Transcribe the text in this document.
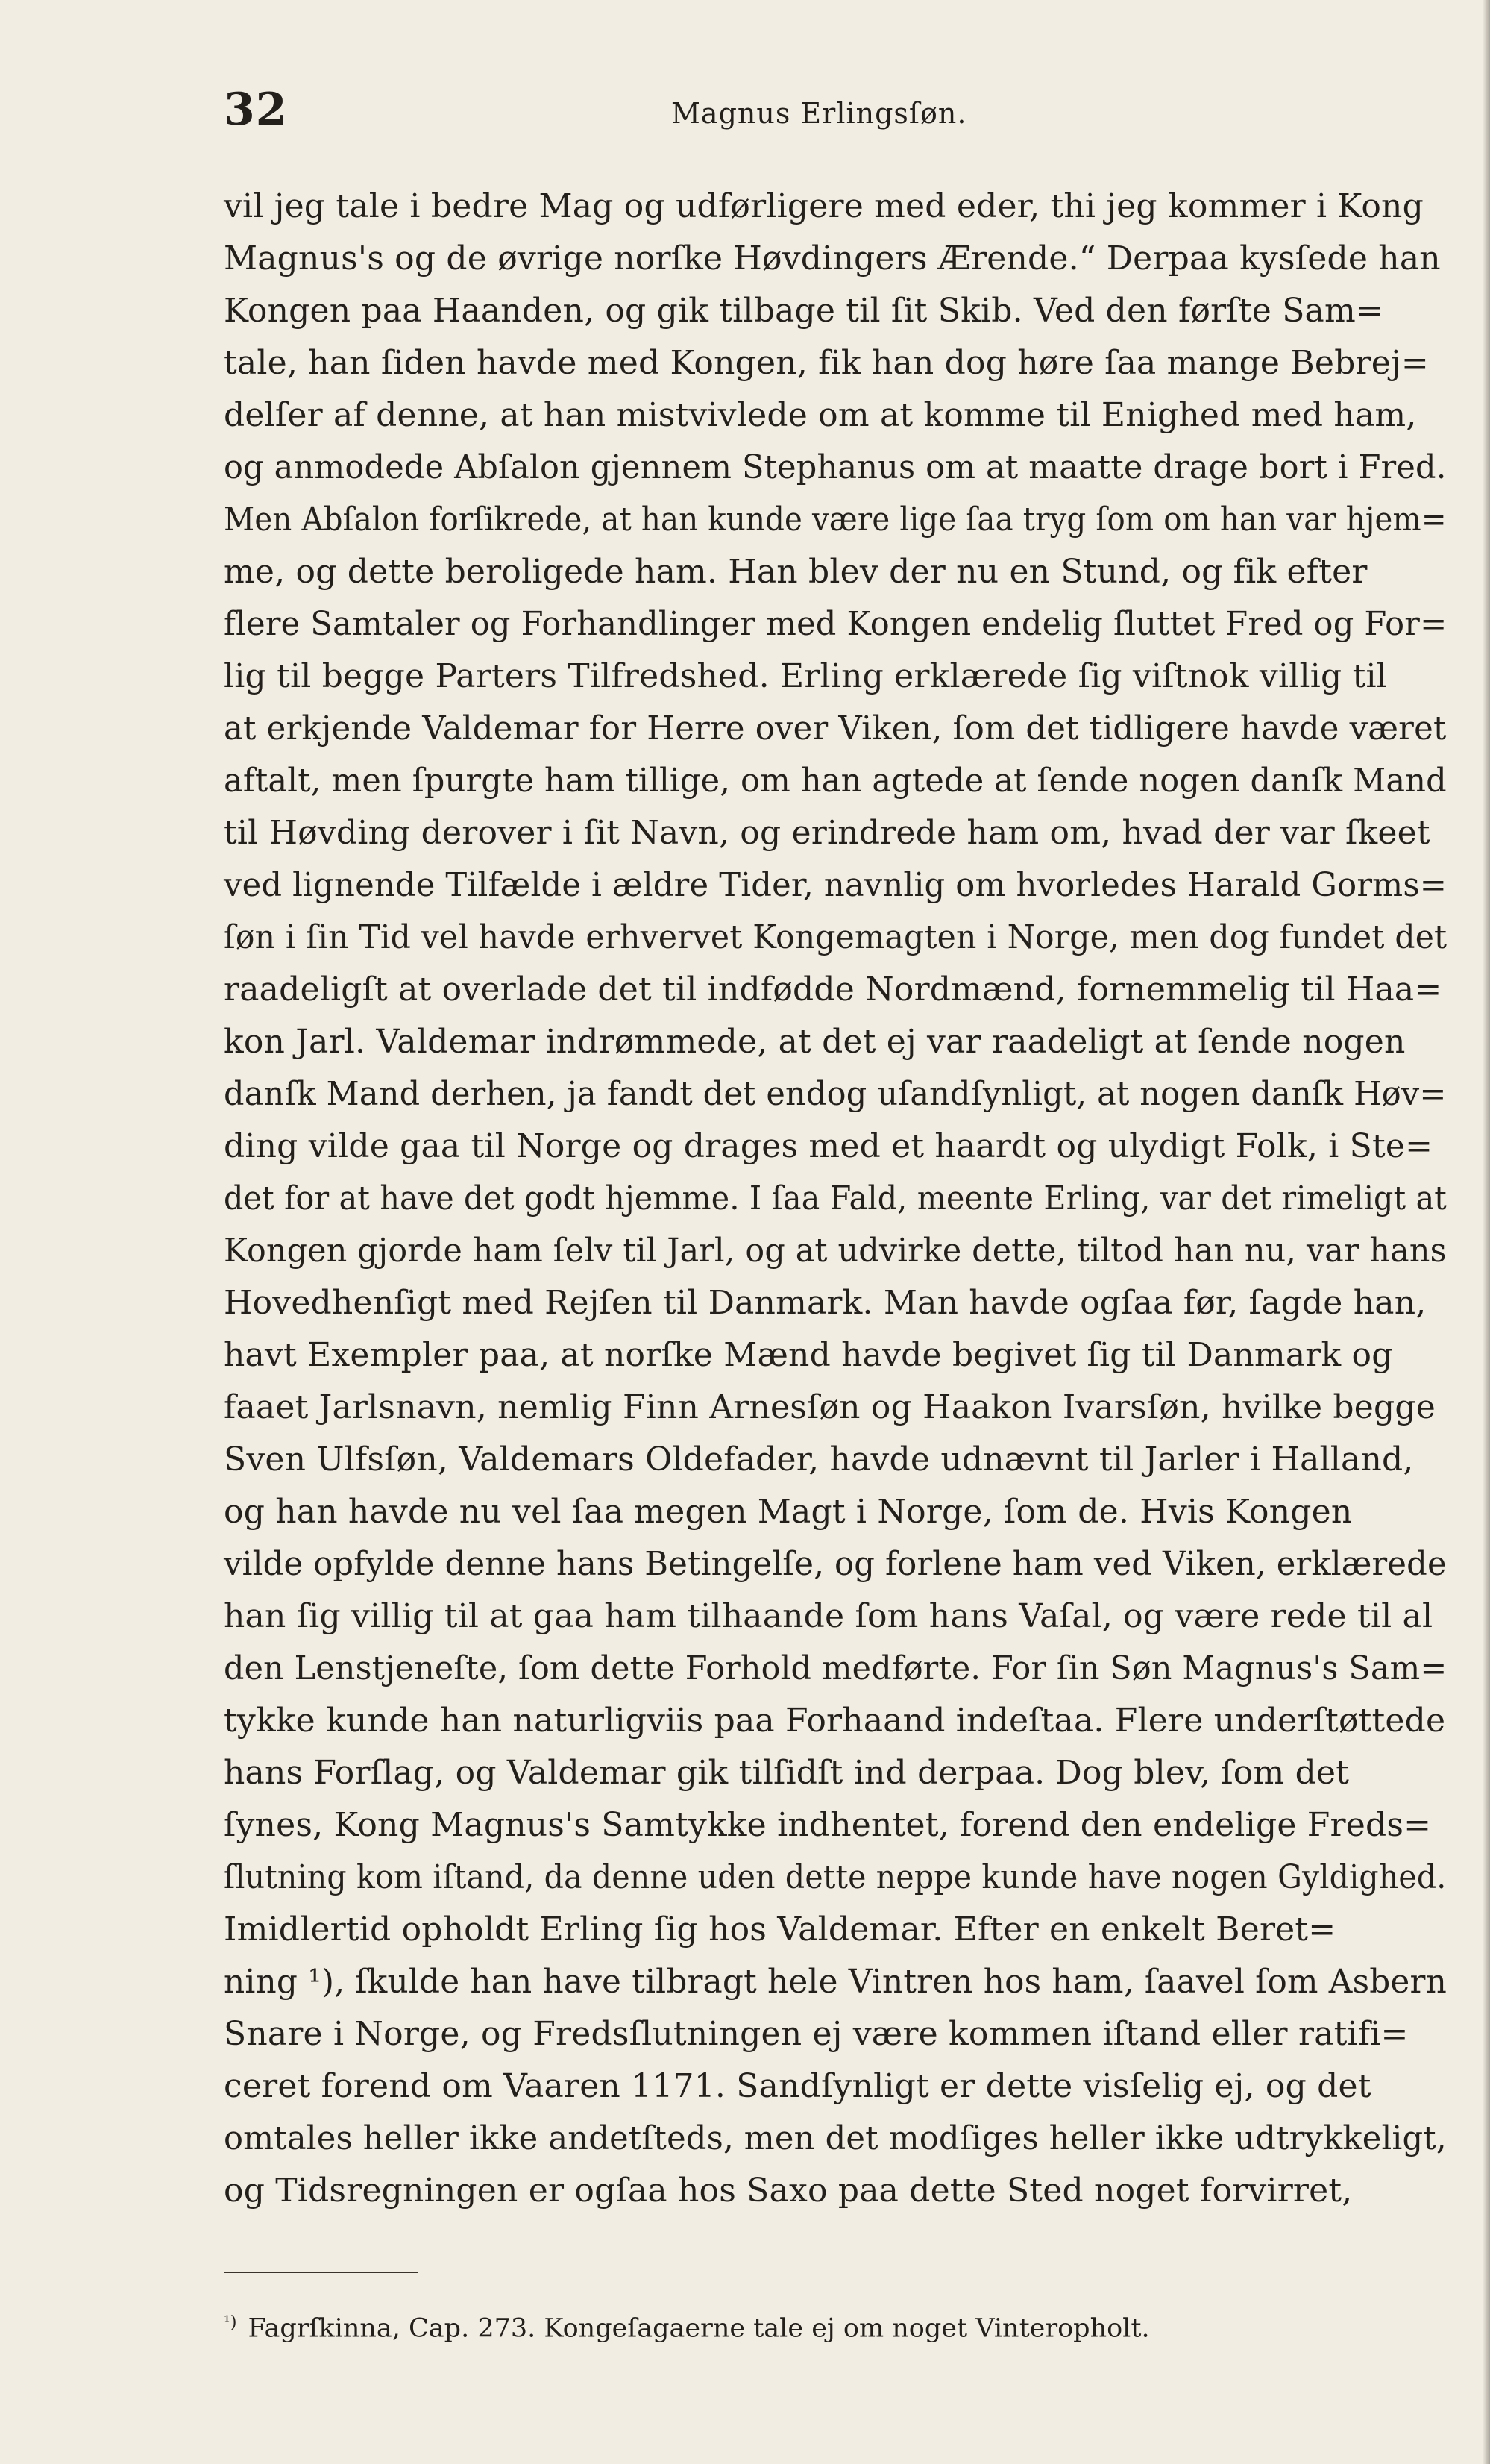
32	Magnus Erlingsſøn.
vil jeg tale i bedre Mag og udførligere med eder, thi jeg kommer i Kong
Magnus's og de øvrige norſke Høvdingers Ærende.“ Derpaa kysſede han
Kongen paa Haanden, og gik tilbage til ſit Skib. Ved den førſte Sam=
tale, han ſiden havde med Kongen, fik han dog høre ſaa mange Bebrej=
delſer af denne, at han mistvivlede om at komme til Enighed med ham,
og anmodede Abſalon gjennem Stephanus om at maatte drage bort i Fred.
Men Abſalon forſikrede, at han kunde være lige ſaa tryg ſom om han var hjem=
me, og dette beroligede ham. Han blev der nu en Stund, og fik efter
flere Samtaler og Forhandlinger med Kongen endelig ſluttet Fred og For=
lig til begge Parters Tilfredshed. Erling erklærede ſig viſtnok villig til
at erkjende Valdemar for Herre over Viken, ſom det tidligere havde været
aftalt, men ſpurgte ham tillige, om han agtede at ſende nogen danſk Mand
til Høvding derover i ſit Navn, og erindrede ham om, hvad der var ſkeet
ved lignende Tilfælde i ældre Tider, navnlig om hvorledes Harald Gorms=
ſøn i ſin Tid vel havde erhvervet Kongemagten i Norge, men dog fundet det
raadeligſt at overlade det til indfødde Nordmænd, fornemmelig til Haa=
kon Jarl. Valdemar indrømmede, at det ej var raadeligt at ſende nogen
danſk Mand derhen, ja fandt det endog uſandſynligt, at nogen danſk Høv=
ding vilde gaa til Norge og drages med et haardt og ulydigt Folk, i Ste=
det for at have det godt hjemme. I ſaa Fald, meente Erling, var det rimeligt at
Kongen gjorde ham ſelv til Jarl, og at udvirke dette, tiltod han nu, var hans
Hovedhenſigt med Rejſen til Danmark. Man havde ogſaa før, ſagde han,
havt Exempler paa, at norſke Mænd havde begivet ſig til Danmark og
faaet Jarlsnavn, nemlig Finn Arnesſøn og Haakon Ivarsſøn, hvilke begge
Sven Ulfsſøn, Valdemars Oldefader, havde udnævnt til Jarler i Halland,
og han havde nu vel ſaa megen Magt i Norge, ſom de. Hvis Kongen
vilde opfylde denne hans Betingelſe, og forlene ham ved Viken, erklærede
han ſig villig til at gaa ham tilhaande ſom hans Vaſal, og være rede til al
den Lenstjeneſte, ſom dette Forhold medførte. For ſin Søn Magnus's Sam=
tykke kunde han naturligviis paa Forhaand indeſtaa. Flere underſtøttede
hans Forſlag, og Valdemar gik tilſidſt ind derpaa. Dog blev, ſom det
ſynes, Kong Magnus's Samtykke indhentet, forend den endelige Freds=
ſlutning kom iſtand, da denne uden dette neppe kunde have nogen Gyldighed.
Imidlertid opholdt Erling ſig hos Valdemar. Efter en enkelt Beret=
ning ¹), ſkulde han have tilbragt hele Vintren hos ham, ſaavel ſom Asbern
Snare i Norge, og Fredsſlutningen ej være kommen iſtand eller ratifi=
ceret forend om Vaaren 1171. Sandſynligt er dette visſelig ej, og det
omtales heller ikke andetſteds, men det modſiges heller ikke udtrykkeligt,
og Tidsregningen er ogſaa hos Saxo paa dette Sted noget forvirret,
$^{^1)}$ Fagrſkinna, Cap. 273. Kongeſagaerne tale ej om noget Vinteropholt.
